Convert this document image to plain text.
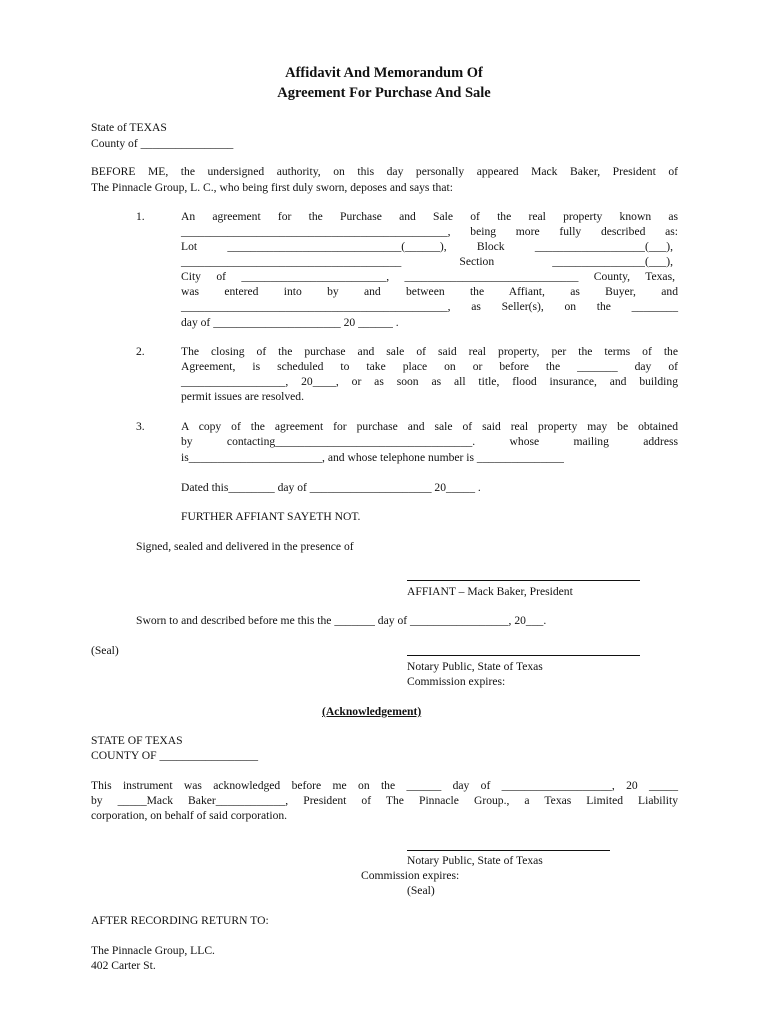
Affidavit And Memorandum Of
Agreement For Purchase And Sale
State of TEXAS
County of ________________
BEFORE ME, the undersigned authority, on this day personally appeared Mack Baker, President of
The Pinnacle Group, L. C., who being first duly sworn, deposes and says that:
1.	An agreement for the Purchase and Sale of the real property known as
______________________________________________, being more fully described as:
Lot ______________________________(______), Block ___________________(___),
______________________________________ Section ________________(___),
City of _________________________, ______________________________ County, Texas,
was entered into by and between the Affiant, as Buyer, and
______________________________________________, as Seller(s), on the ________
day of ______________________ 20 ______ .
2.	The closing of the purchase and sale of said real property, per the terms of the
Agreement, is scheduled to take place on or before the _______ day of
__________________, 20____, or as soon as all title, flood insurance, and building
permit issues are resolved.
3.	A copy of the agreement for purchase and sale of said real property may be obtained
by contacting__________________________________. whose mailing address
is_______________________, and whose telephone number is _______________
Dated this________ day of _____________________ 20_____ .
FURTHER AFFIANT SAYETH NOT.
Signed, sealed and delivered in the presence of
AFFIANT – Mack Baker, President
Sworn to and described before me this the _______ day of _________________, 20___.
(Seal)
Notary Public, State of Texas
Commission expires:
(Acknowledgement)
STATE OF TEXAS
COUNTY OF _________________
This instrument was acknowledged before me on the ______ day of ___________________, 20 _____
by _____Mack Baker____________, President of The Pinnacle Group., a Texas Limited Liability
corporation, on behalf of said corporation.
Notary Public, State of Texas
Commission expires:
(Seal)
AFTER RECORDING RETURN TO:
The Pinnacle Group, LLC.
402 Carter St.
